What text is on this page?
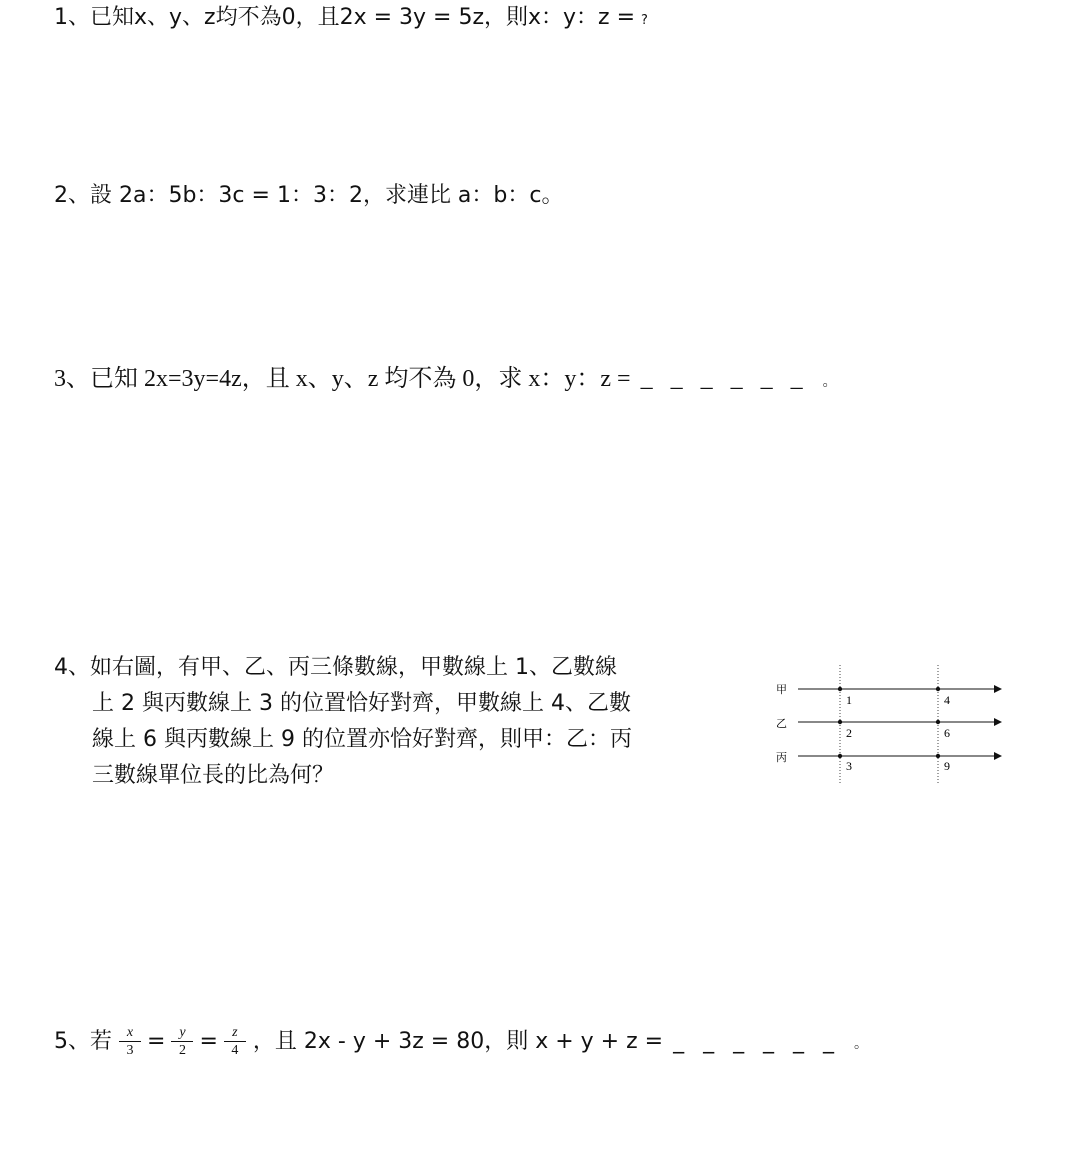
1、已知x、y、z均不為0，且2x = 3y = 5z，則x：y：z = ?
2、設 2a：5b：3c = 1：3：2，求連比 a：b：c。
3、已知 2x=3y=4z，且 x、y、z 均不為 0，求 x：y：z = _ _ _ _ _ _ 。
4、如右圖，有甲、乙、丙三條數線，甲數線上 1、乙數線
上 2 與丙數線上 3 的位置恰好對齊，甲數線上 4、乙數
線上 6 與丙數線上 9 的位置亦恰好對齊，則甲：乙：丙
三數線單位長的比為何？
甲
1	4
乙
2	6
丙
3	9
5、若 $\frac{x}{3} = \frac{y}{2} = \frac{z}{4}$ ，且 2x - y + 3z = 80，則 x + y + z = _ _ _ _ _ _ 。
